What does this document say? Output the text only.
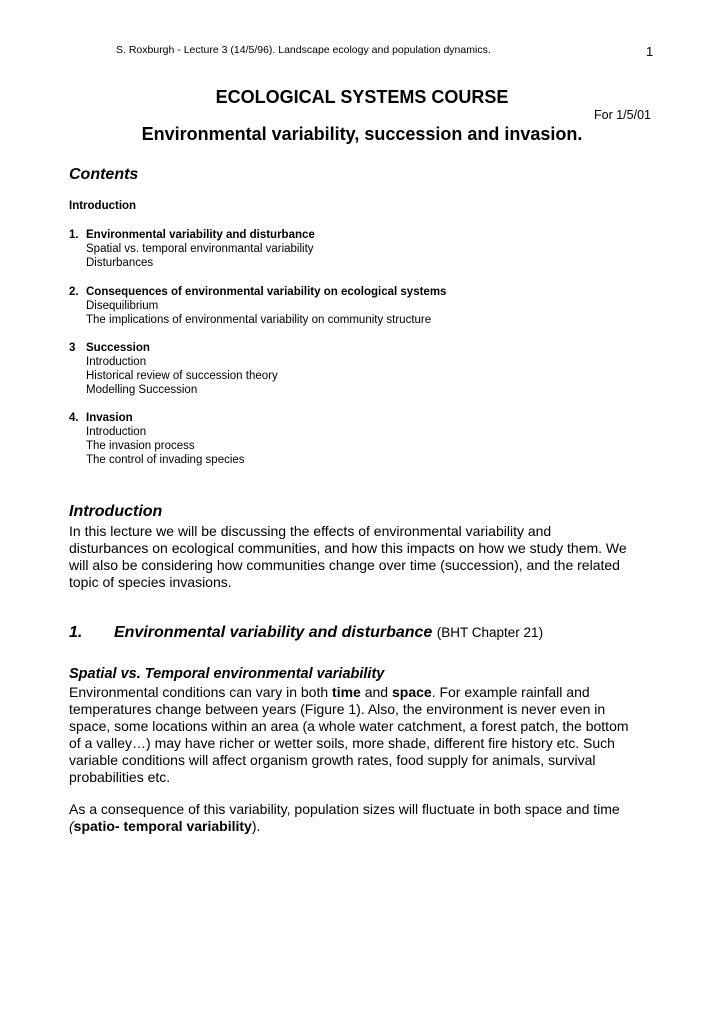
S. Roxburgh - Lecture 3 (14/5/96). Landscape ecology and population dynamics.	1
ECOLOGICAL SYSTEMS COURSE
For 1/5/01
Environmental variability, succession and invasion.
Contents
Introduction
1. Environmental variability and disturbance
Spatial vs. temporal environmantal variability
Disturbances
2. Consequences of environmental variability on ecological systems
Disequilibrium
The implications of environmental variability on community structure
3 Succession
Introduction
Historical review of succession theory
Modelling Succession
4. Invasion
Introduction
The invasion process
The control of invading species
Introduction
In this lecture we will be discussing the effects of environmental variability and
disturbances on ecological communities, and how this impacts on how we study them. We
will also be considering how communities change over time (succession), and the related
topic of species invasions.
1. Environmental variability and disturbance (BHT Chapter 21)
Spatial vs. Temporal environmental variability
Environmental conditions can vary in both time and space. For example rainfall and
temperatures change between years (Figure 1). Also, the environment is never even in
space, some locations within an area (a whole water catchment, a forest patch, the bottom
of a valley…) may have richer or wetter soils, more shade, different fire history etc. Such
variable conditions will affect organism growth rates, food supply for animals, survival
probabilities etc.
As a consequence of this variability, population sizes will fluctuate in both space and time
(spatio- temporal variability).
